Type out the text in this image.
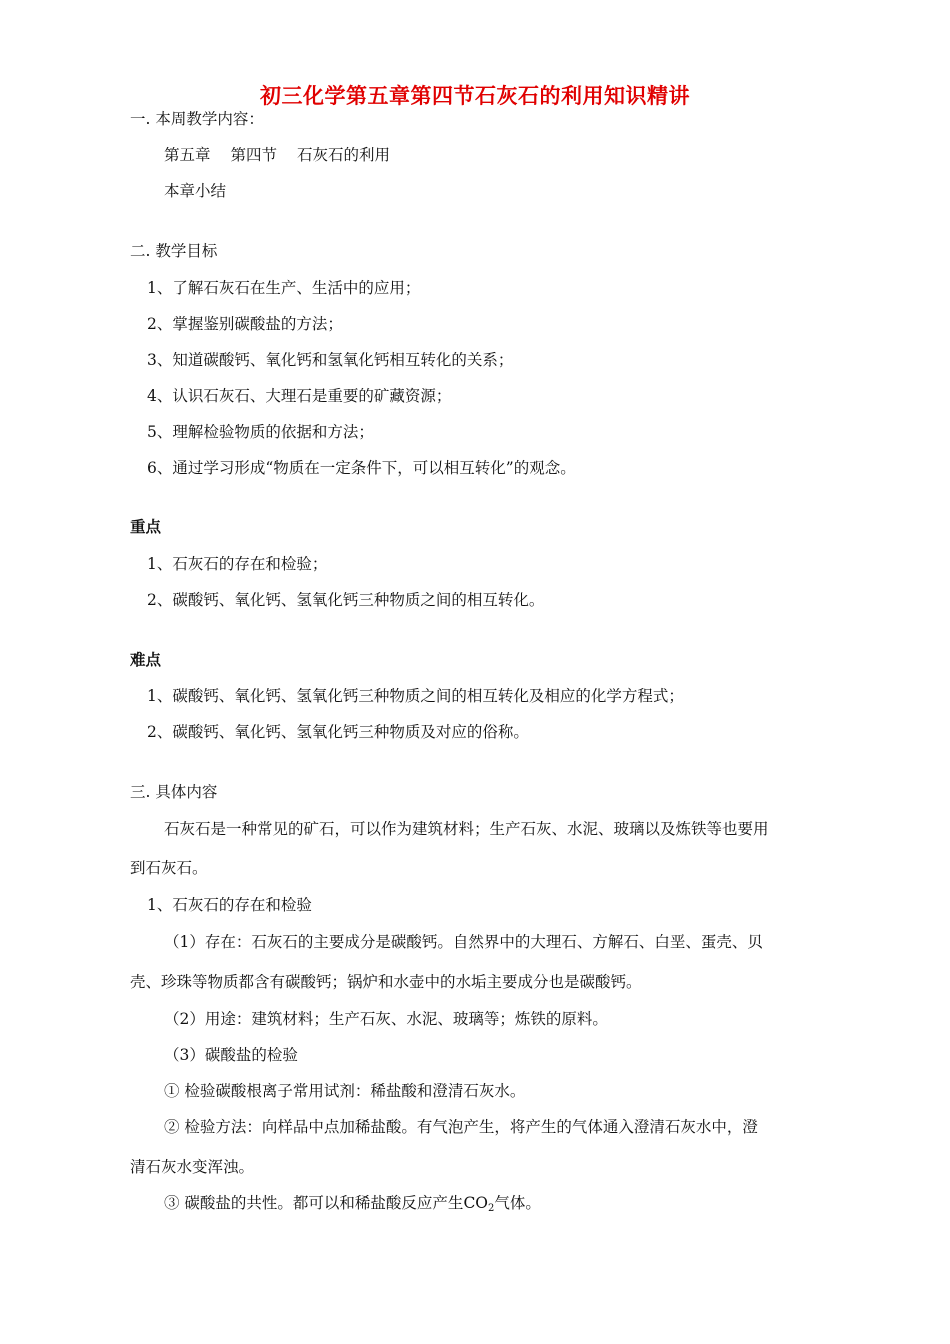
初三化学第五章第四节石灰石的利用知识精讲
一. 本周教学内容：
第五章 第四节 石灰石的利用
本章小结
二. 教学目标
1、了解石灰石在生产、生活中的应用；
2、掌握鉴别碳酸盐的方法；
3、知道碳酸钙、氧化钙和氢氧化钙相互转化的关系；
4、认识石灰石、大理石是重要的矿藏资源；
5、理解检验物质的依据和方法；
6、通过学习形成“物质在一定条件下，可以相互转化”的观念。
重点
1、石灰石的存在和检验；
2、碳酸钙、氧化钙、氢氧化钙三种物质之间的相互转化。
难点
1、碳酸钙、氧化钙、氢氧化钙三种物质之间的相互转化及相应的化学方程式；
2、碳酸钙、氧化钙、氢氧化钙三种物质及对应的俗称。
三. 具体内容
石灰石是一种常见的矿石，可以作为建筑材料；生产石灰、水泥、玻璃以及炼铁等也要用
到石灰石。
1、石灰石的存在和检验
（1）存在：石灰石的主要成分是碳酸钙。自然界中的大理石、方解石、白垩、蛋壳、贝
壳、珍珠等物质都含有碳酸钙；锅炉和水壶中的水垢主要成分也是碳酸钙。
（2）用途：建筑材料；生产石灰、水泥、玻璃等；炼铁的原料。
（3）碳酸盐的检验
① 检验碳酸根离子常用试剂：稀盐酸和澄清石灰水。
② 检验方法：向样品中点加稀盐酸。有气泡产生，将产生的气体通入澄清石灰水中，澄
清石灰水变浑浊。
③ 碳酸盐的共性。都可以和稀盐酸反应产生$CO_2$气体。
